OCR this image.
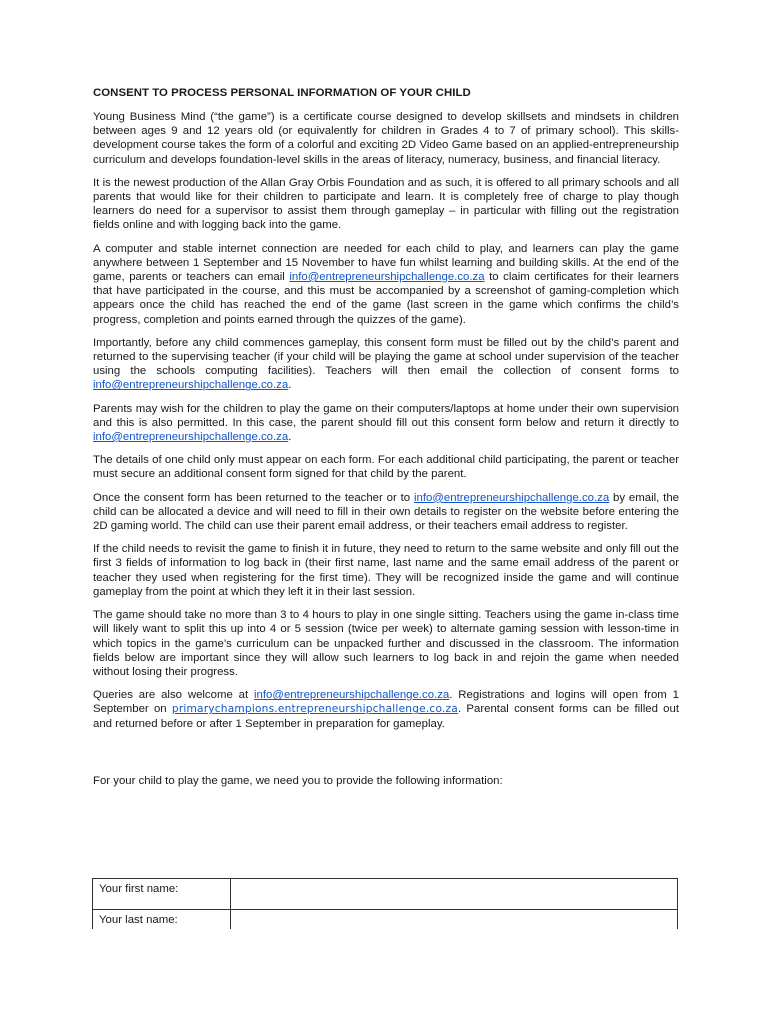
CONSENT TO PROCESS PERSONAL INFORMATION OF YOUR CHILD

Young Business Mind (“the game”) is a certificate course designed to develop skillsets and mindsets in children between ages 9 and 12 years old (or equivalently for children in Grades 4 to 7 of primary school). This skills-development course takes the form of a colorful and exciting 2D Video Game based on an applied-entrepreneurship curriculum and develops foundation-level skills in the areas of literacy, numeracy, business, and financial literacy.

It is the newest production of the Allan Gray Orbis Foundation and as such, it is offered to all primary schools and all parents that would like for their children to participate and learn. It is completely free of charge to play though learners do need for a supervisor to assist them through gameplay – in particular with filling out the registration fields online and with logging back into the game.

A computer and stable internet connection are needed for each child to play, and learners can play the game anywhere between 1 September and 15 November to have fun whilst learning and building skills. At the end of the game, parents or teachers can email info@entrepreneurshipchallenge.co.za to claim certificates for their learners that have participated in the course, and this must be accompanied by a screenshot of gaming-completion which appears once the child has reached the end of the game (last screen in the game which confirms the child’s progress, completion and points earned through the quizzes of the game).

Importantly, before any child commences gameplay, this consent form must be filled out by the child’s parent and returned to the supervising teacher (if your child will be playing the game at school under supervision of the teacher using the schools computing facilities). Teachers will then email the collection of consent forms to info@entrepreneurshipchallenge.co.za.

Parents may wish for the children to play the game on their computers/laptops at home under their own supervision and this is also permitted. In this case, the parent should fill out this consent form below and return it directly to info@entrepreneurshipchallenge.co.za.

The details of one child only must appear on each form. For each additional child participating, the parent or teacher must secure an additional consent form signed for that child by the parent.

Once the consent form has been returned to the teacher or to info@entrepreneurshipchallenge.co.za by email, the child can be allocated a device and will need to fill in their own details to register on the website before entering the 2D gaming world. The child can use their parent email address, or their teachers email address to register.

If the child needs to revisit the game to finish it in future, they need to return to the same website and only fill out the first 3 fields of information to log back in (their first name, last name and the same email address of the parent or teacher they used when registering for the first time). They will be recognized inside the game and will continue gameplay from the point at which they left it in their last session.

The game should take no more than 3 to 4 hours to play in one single sitting. Teachers using the game in-class time will likely want to split this up into 4 or 5 session (twice per week) to alternate gaming session with lesson-time in which topics in the game’s curriculum can be unpacked further and discussed in the classroom. The information fields below are important since they will allow such learners to log back in and rejoin the game when needed without losing their progress.

Queries are also welcome at info@entrepreneurshipchallenge.co.za. Registrations and logins will open from 1 September on primarychampions.entrepreneurshipchallenge.co.za. Parental consent forms can be filled out and returned before or after 1 September in preparation for gameplay.

For your child to play the game, we need you to provide the following information:

Your first name:	
Your last name:	
